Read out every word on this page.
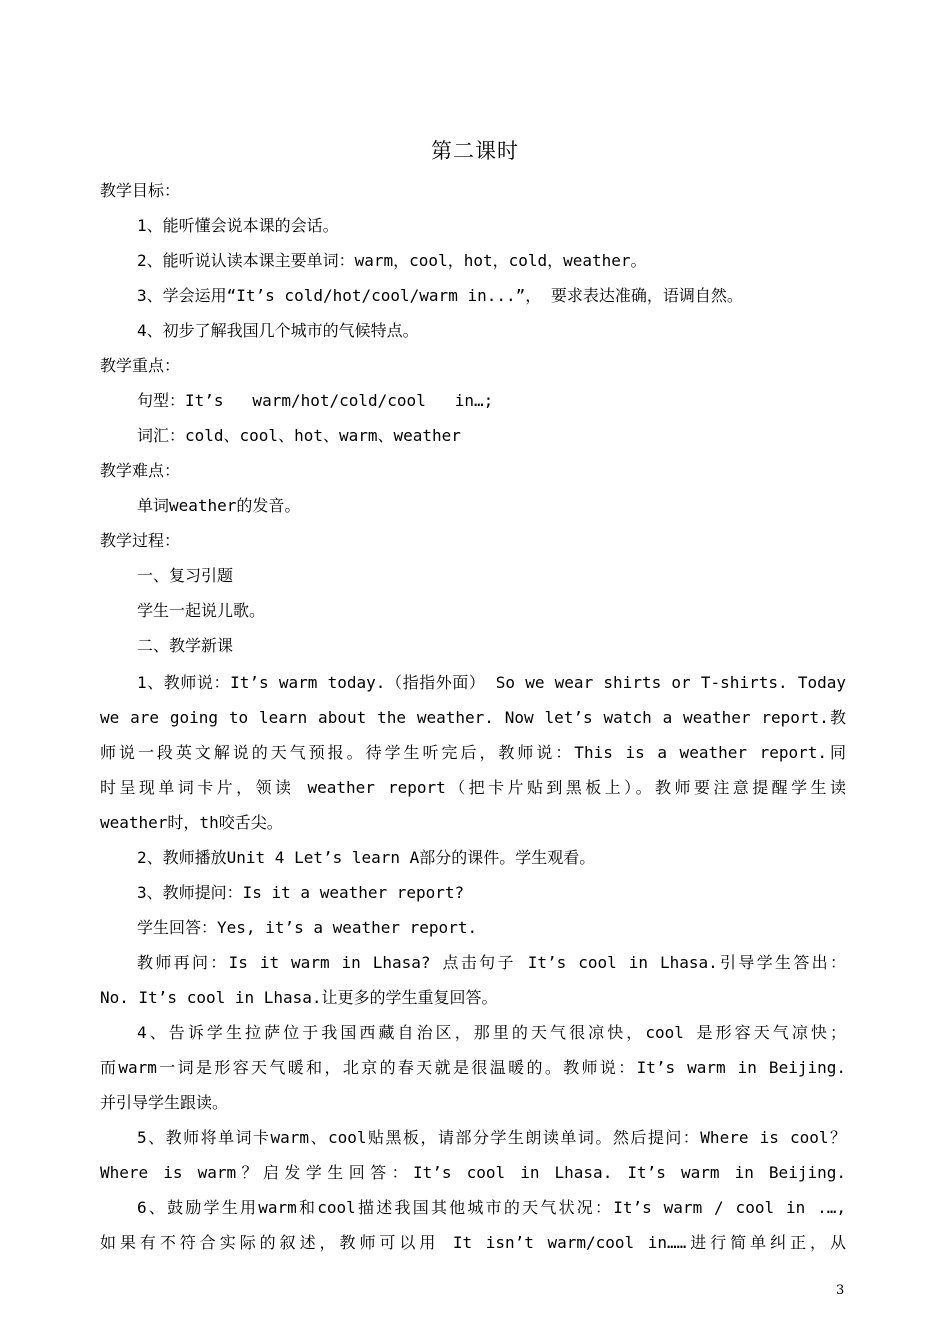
第二课时
教学目标：
1、能听懂会说本课的会话。
2、能听说认读本课主要单词：warm，cool，hot，cold，weather。
3、学会运用“It’s cold/hot/cool/warm in...”， 要求表达准确，语调自然。
4、初步了解我国几个城市的气候特点。
教学重点：
句型：It’s   warm/hot/cold/cool   in…;
词汇：cold、cool、hot、warm、weather
教学难点：
单词weather的发音。
教学过程：
一、复习引题
学生一起说儿歌。
二、教学新课
1、教师说：It’s warm today.（指指外面） So we wear shirts or T-shirts. Today
we are going to learn about the weather. Now let’s watch a weather report.教
师说一段英文解说的天气预报。待学生听完后，教师说：This is a weather report.同
时呈现单词卡片，领读 weather report（把卡片贴到黑板上）。教师要注意提醒学生读
weather时，th咬舌尖。
2、教师播放Unit 4 Let’s learn A部分的课件。学生观看。
3、教师提问：Is it a weather report?
学生回答：Yes, it’s a weather report.
教师再问：Is it warm in Lhasa? 点击句子 It’s cool in Lhasa.引导学生答出：
No. It’s cool in Lhasa.让更多的学生重复回答。
4、告诉学生拉萨位于我国西藏自治区，那里的天气很凉快，cool 是形容天气凉快；
而warm一词是形容天气暖和，北京的春天就是很温暖的。教师说：It’s warm in Beijing.
并引导学生跟读。
5、教师将单词卡warm、cool贴黑板，请部分学生朗读单词。然后提问：Where is cool？
Where is warm？启发学生回答：It’s cool in Lhasa. It’s warm in Beijing.
6、鼓励学生用warm和cool描述我国其他城市的天气状况：It’s warm / cool in .…,
如果有不符合实际的叙述，教师可以用 It isn’t warm/cool in……进行简单纠正，从
3
